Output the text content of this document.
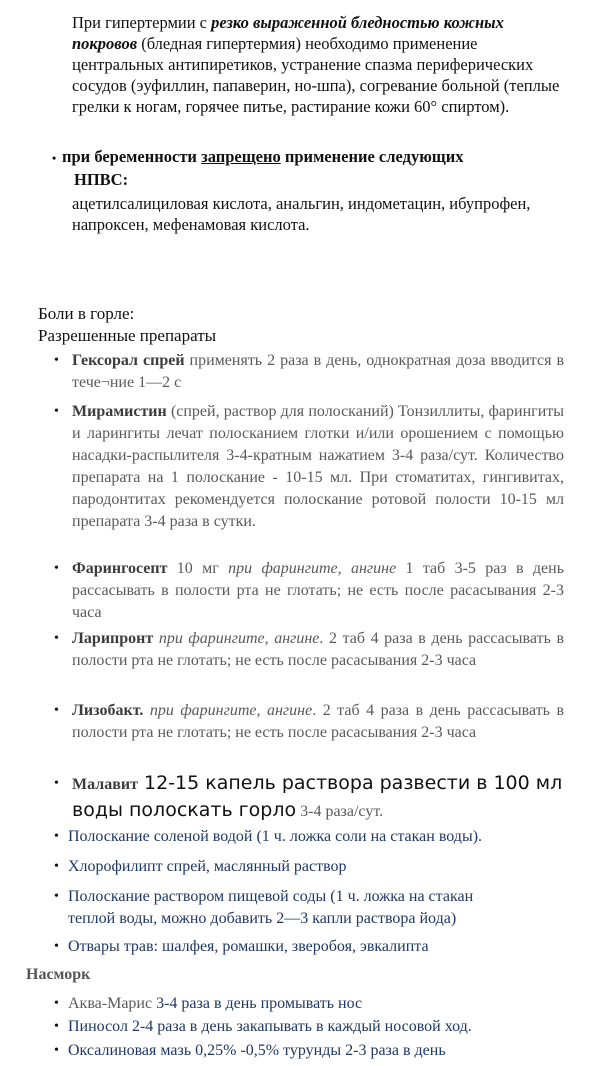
При гипертермии с резко выраженной бледностью кожных покровов (бледная гипертермия) необходимо применение центральных антипиретиков, устранение спазма периферических сосудов (эуфиллин, папаверин, но-шпа), согревание больной (теплые грелки к ногам, горячее питье, растирание кожи 60° спиртом).
• при беременности запрещено применение следующих
НПВС:
ацетилсалициловая кислота, анальгин, индометацин, ибупрофен, напроксен, мефенамовая кислота.
Боли в горле:
Разрешенные препараты
• Гексорал спрей применять 2 раза в день, однократная доза вводится в тече¬ние 1—2 с
• Мирамистин (спрей, раствор для полосканий) Тонзиллиты, фарингиты и ларингиты лечат полосканием глотки и/или орошением с помощью насадки-распылителя 3-4-кратным нажатием 3-4 раза/сут. Количество препарата на 1 полоскание - 10-15 мл. При стоматитах, гингивитах, пародонтитах рекомендуется полоскание ротовой полости 10-15 мл препарата 3-4 раза в сутки.
• Фарингосепт 10 мг при фарингите, ангине 1 таб 3-5 раз в день рассасывать в полости рта не глотать; не есть после расасывания 2-3 часа
• Ларипронт при фарингите, ангине. 2 таб 4 раза в день рассасывать в полости рта не глотать; не есть после расасывания 2-3 часа
• Лизобакт. при фарингите, ангине. 2 таб 4 раза в день рассасывать в полости рта не глотать; не есть после расасывания 2-3 часа
• Малавит 12-15 капель раствора развести в 100 мл воды полоскать горло 3-4 раза/сут.
• Полоскание соленой водой (1 ч. ложка соли на стакан воды).
• Хлорофилипт спрей, маслянный раствор
• Полоскание раствором пищевой соды (1 ч. ложка на стакан теплой воды, можно добавить 2—3 капли раствора йода)
• Отвары трав: шалфея, ромашки, зверобоя, эвкалипта
Насморк
• Аква-Марис 3-4 раза в день промывать нос
• Пиносол 2-4 раза в день закапывать в каждый носовой ход.
• Оксалиновая мазь 0,25% -0,5% турунды 2-3 раза в день
